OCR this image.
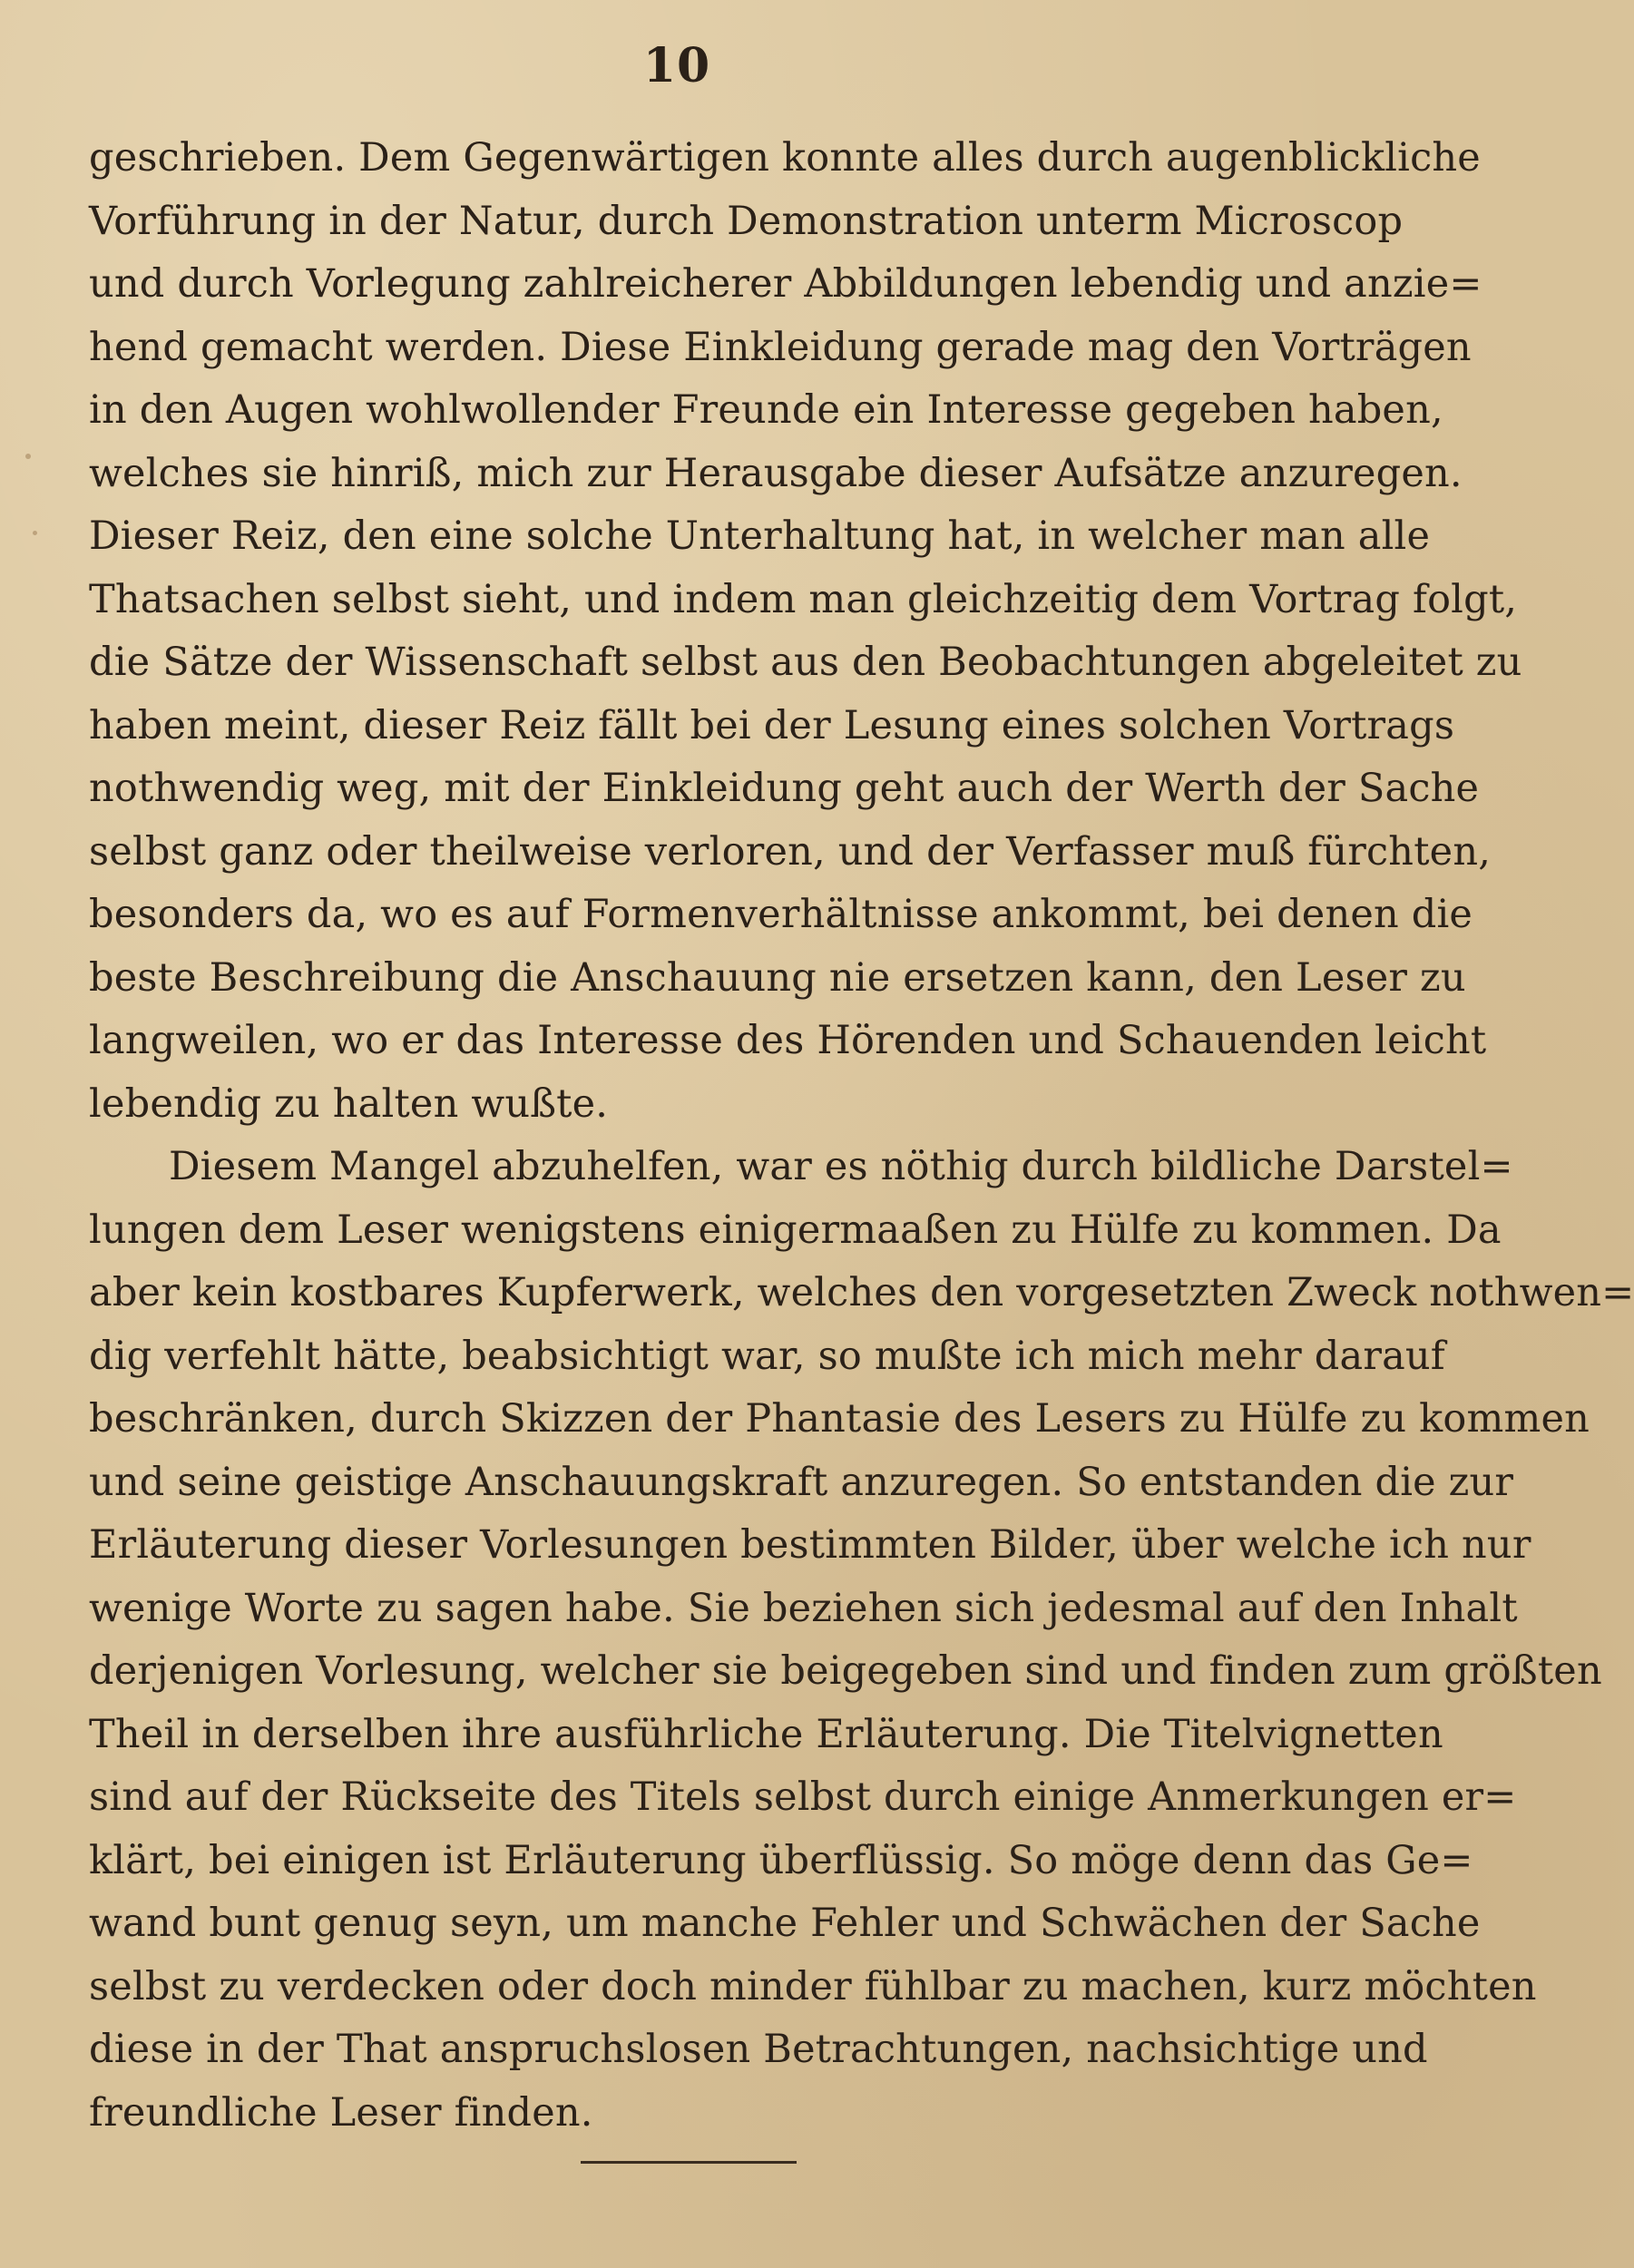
10
geschrieben. Dem Gegenwärtigen konnte alles durch augenblickliche
Vorführung in der Natur, durch Demonstration unterm Microscop
und durch Vorlegung zahlreicherer Abbildungen lebendig und anzie=
hend gemacht werden. Diese Einkleidung gerade mag den Vorträgen
in den Augen wohlwollender Freunde ein Interesse gegeben haben,
welches sie hinriß, mich zur Herausgabe dieser Aufsätze anzuregen.
Dieser Reiz, den eine solche Unterhaltung hat, in welcher man alle
Thatsachen selbst sieht, und indem man gleichzeitig dem Vortrag folgt,
die Sätze der Wissenschaft selbst aus den Beobachtungen abgeleitet zu
haben meint, dieser Reiz fällt bei der Lesung eines solchen Vortrags
nothwendig weg, mit der Einkleidung geht auch der Werth der Sache
selbst ganz oder theilweise verloren, und der Verfasser muß fürchten,
besonders da, wo es auf Formenverhältnisse ankommt, bei denen die
beste Beschreibung die Anschauung nie ersetzen kann, den Leser zu
langweilen, wo er das Interesse des Hörenden und Schauenden leicht
lebendig zu halten wußte.
Diesem Mangel abzuhelfen, war es nöthig durch bildliche Darstel=
lungen dem Leser wenigstens einigermaaßen zu Hülfe zu kommen. Da
aber kein kostbares Kupferwerk, welches den vorgesetzten Zweck nothwen=
dig verfehlt hätte, beabsichtigt war, so mußte ich mich mehr darauf
beschränken, durch Skizzen der Phantasie des Lesers zu Hülfe zu kommen
und seine geistige Anschauungskraft anzuregen. So entstanden die zur
Erläuterung dieser Vorlesungen bestimmten Bilder, über welche ich nur
wenige Worte zu sagen habe. Sie beziehen sich jedesmal auf den Inhalt
derjenigen Vorlesung, welcher sie beigegeben sind und finden zum größten
Theil in derselben ihre ausführliche Erläuterung. Die Titelvignetten
sind auf der Rückseite des Titels selbst durch einige Anmerkungen er=
klärt, bei einigen ist Erläuterung überflüssig. So möge denn das Ge=
wand bunt genug seyn, um manche Fehler und Schwächen der Sache
selbst zu verdecken oder doch minder fühlbar zu machen, kurz möchten
diese in der That anspruchslosen Betrachtungen, nachsichtige und
freundliche Leser finden.
